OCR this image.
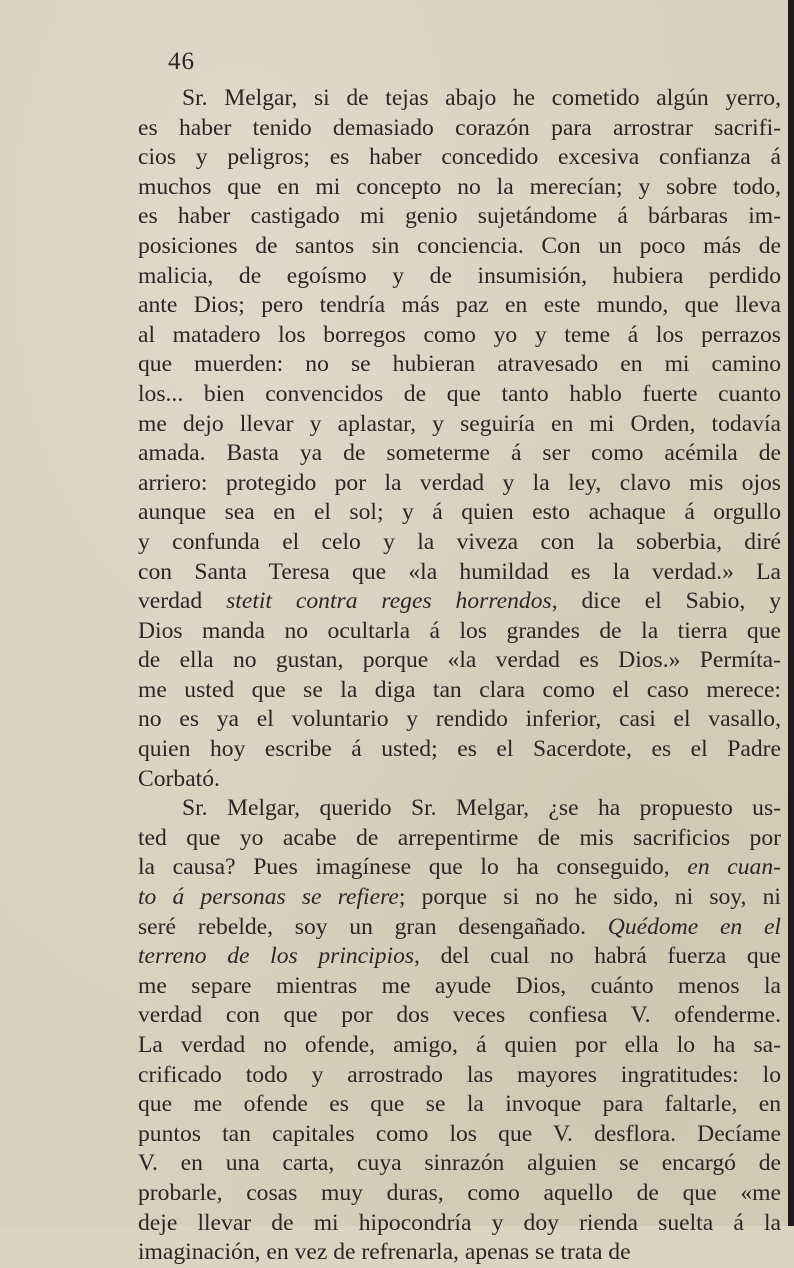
46
Sr. Melgar, si de tejas abajo he cometido algún yerro,
es haber tenido demasiado corazón para arrostrar sacrifi-
cios y peligros; es haber concedido excesiva confianza á
muchos que en mi concepto no la merecían; y sobre todo,
es haber castigado mi genio sujetándome á bárbaras im-
posiciones de santos sin conciencia. Con un poco más de
malicia, de egoísmo y de insumisión, hubiera perdido
ante Dios; pero tendría más paz en este mundo, que lleva
al matadero los borregos como yo y teme á los perrazos
que muerden: no se hubieran atravesado en mi camino
los... bien convencidos de que tanto hablo fuerte cuanto
me dejo llevar y aplastar, y seguiría en mi Orden, todavía
amada. Basta ya de someterme á ser como acémila de
arriero: protegido por la verdad y la ley, clavo mis ojos
aunque sea en el sol; y á quien esto achaque á orgullo
y confunda el celo y la viveza con la soberbia, diré
con Santa Teresa que «la humildad es la verdad.» La
verdad stetit contra reges horrendos, dice el Sabio, y
Dios manda no ocultarla á los grandes de la tierra que
de ella no gustan, porque «la verdad es Dios.» Permíta-
me usted que se la diga tan clara como el caso merece:
no es ya el voluntario y rendido inferior, casi el vasallo,
quien hoy escribe á usted; es el Sacerdote, es el Padre
Corbató.
Sr. Melgar, querido Sr. Melgar, ¿se ha propuesto us-
ted que yo acabe de arrepentirme de mis sacrificios por
la causa? Pues imagínese que lo ha conseguido, en cuan-
to á personas se refiere; porque si no he sido, ni soy, ni
seré rebelde, soy un gran desengañado. Quédome en el
terreno de los principios, del cual no habrá fuerza que
me separe mientras me ayude Dios, cuánto menos la
verdad con que por dos veces confiesa V. ofenderme.
La verdad no ofende, amigo, á quien por ella lo ha sa-
crificado todo y arrostrado las mayores ingratitudes: lo
que me ofende es que se la invoque para faltarle, en
puntos tan capitales como los que V. desflora. Decíame
V. en una carta, cuya sinrazón alguien se encargó de
probarle, cosas muy duras, como aquello de que «me
deje llevar de mi hipocondría y doy rienda suelta á la
imaginación, en vez de refrenarla, apenas se trata de
